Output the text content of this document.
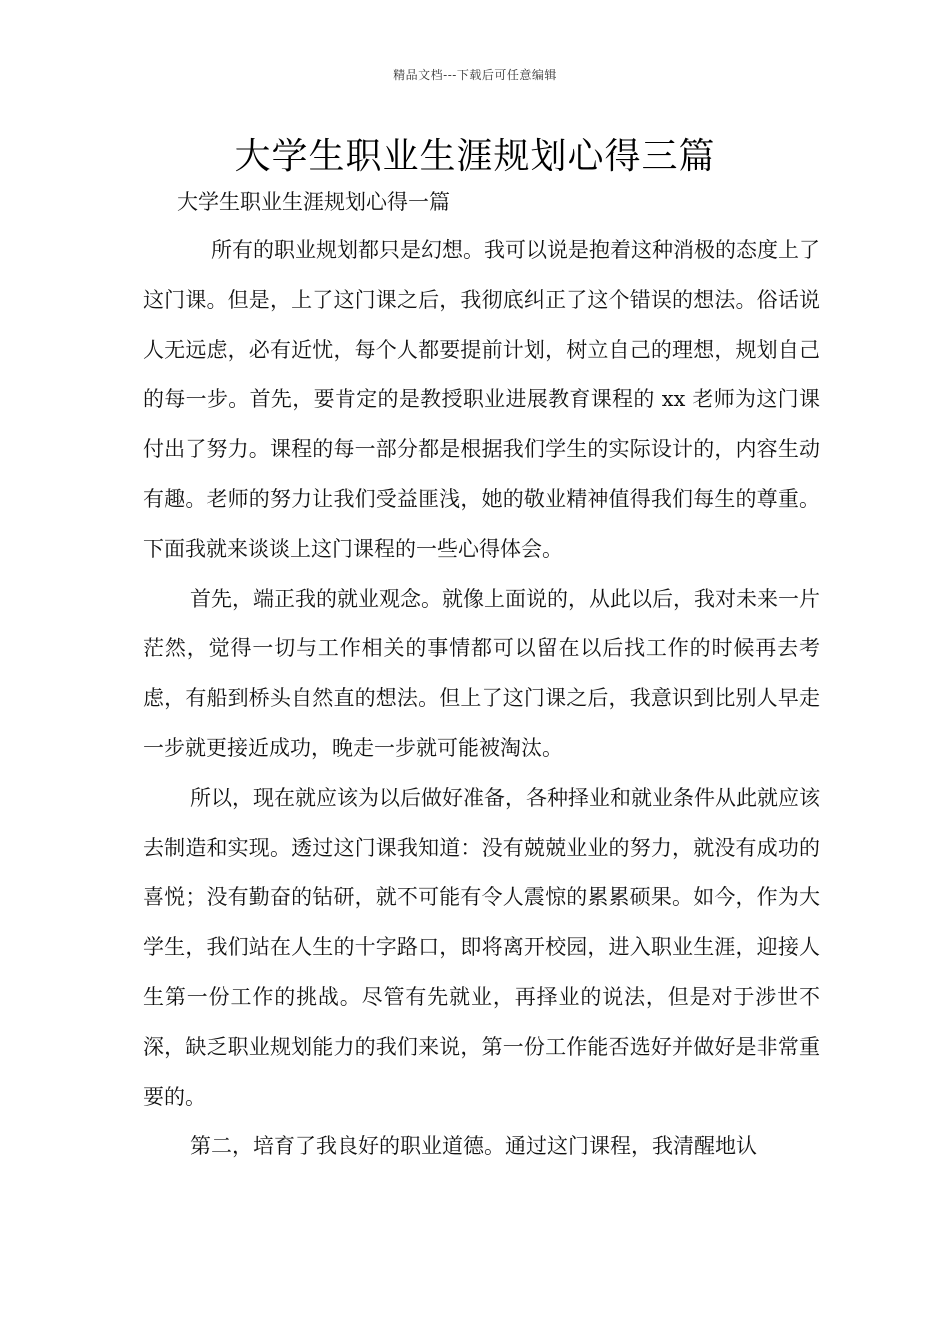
精品文档---下载后可任意编辑
大学生职业生涯规划心得三篇

大学生职业生涯规划心得一篇

所有的职业规划都只是幻想。我可以说是抱着这种消极的态度上了这门课。但是，上了这门课之后，我彻底纠正了这个错误的想法。俗话说人无远虑，必有近忧，每个人都要提前计划，树立自己的理想，规划自己的每一步。首先，要肯定的是教授职业进展教育课程的 xx 老师为这门课付出了努力。课程的每一部分都是根据我们学生的实际设计的，内容生动有趣。老师的努力让我们受益匪浅，她的敬业精神值得我们每生的尊重。下面我就来谈谈上这门课程的一些心得体会。

首先，端正我的就业观念。就像上面说的，从此以后，我对未来一片茫然，觉得一切与工作相关的事情都可以留在以后找工作的时候再去考虑，有船到桥头自然直的想法。但上了这门课之后，我意识到比别人早走一步就更接近成功，晚走一步就可能被淘汰。

所以，现在就应该为以后做好准备，各种择业和就业条件从此就应该去制造和实现。透过这门课我知道：没有兢兢业业的努力，就没有成功的喜悦；没有勤奋的钻研，就不可能有令人震惊的累累硕果。如今，作为大学生，我们站在人生的十字路口，即将离开校园，进入职业生涯，迎接人生第一份工作的挑战。尽管有先就业，再择业的说法，但是对于涉世不深，缺乏职业规划能力的我们来说，第一份工作能否选好并做好是非常重要的。

第二，培育了我良好的职业道德。通过这门课程，我清醒地认
